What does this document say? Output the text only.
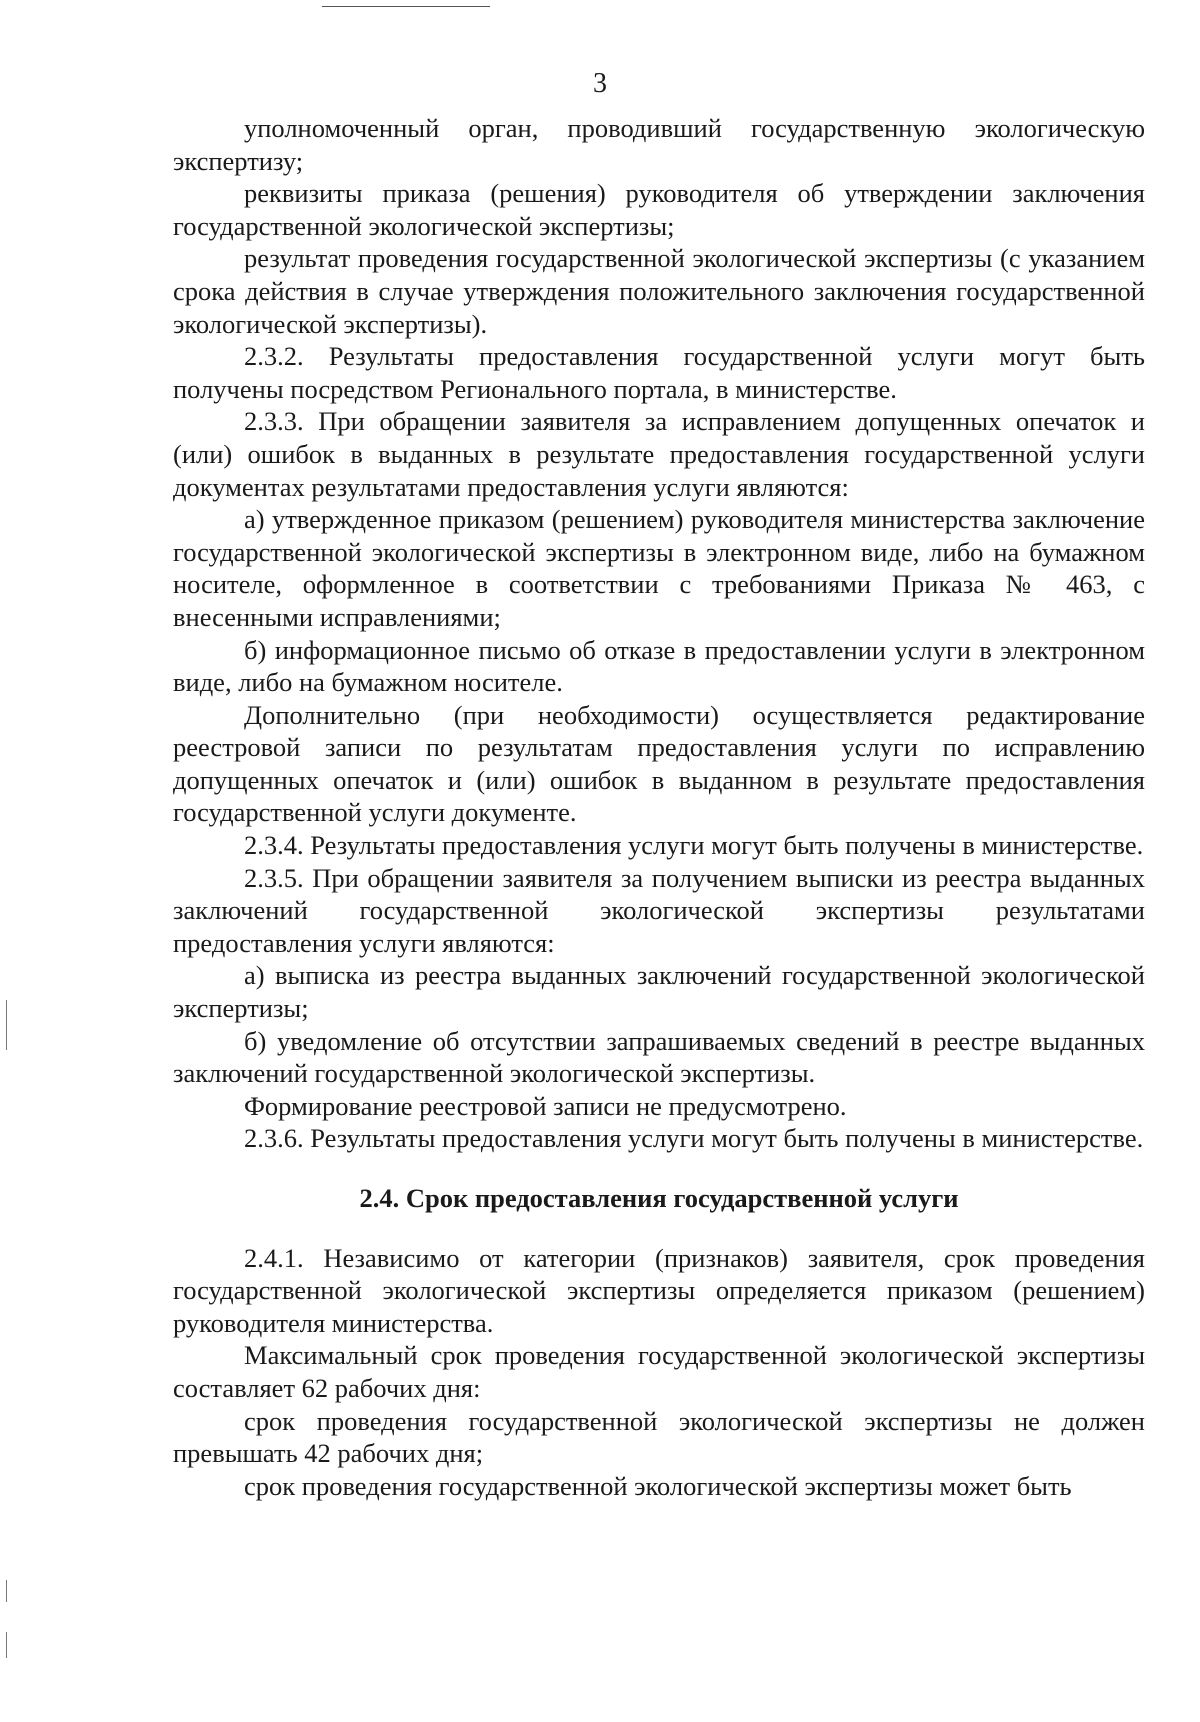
3

уполномоченный орган, проводивший государственную экологическую экспертизу;

реквизиты приказа (решения) руководителя об утверждении заключения государственной экологической экспертизы;

результат проведения государственной экологической экспертизы (с указанием срока действия в случае утверждения положительного заключения государственной экологической экспертизы).

2.3.2. Результаты предоставления государственной услуги могут быть получены посредством Регионального портала, в министерстве.

2.3.3. При обращении заявителя за исправлением допущенных опечаток и (или) ошибок в выданных в результате предоставления государственной услуги документах результатами предоставления услуги являются:

а) утвержденное приказом (решением) руководителя министерства заключение государственной экологической экспертизы в электронном виде, либо на бумажном носителе, оформленное в соответствии с требованиями Приказа № 463, с внесенными исправлениями;

б) информационное письмо об отказе в предоставлении услуги в электронном виде, либо на бумажном носителе.

Дополнительно (при необходимости) осуществляется редактирование реестровой записи по результатам предоставления услуги по исправлению допущенных опечаток и (или) ошибок в выданном в результате предоставления государственной услуги документе.

2.3.4. Результаты предоставления услуги могут быть получены в министерстве.

2.3.5. При обращении заявителя за получением выписки из реестра выданных заключений государственной экологической экспертизы результатами предоставления услуги являются:

а) выписка из реестра выданных заключений государственной экологической экспертизы;

б) уведомление об отсутствии запрашиваемых сведений в реестре выданных заключений государственной экологической экспертизы.

Формирование реестровой записи не предусмотрено.

2.3.6. Результаты предоставления услуги могут быть получены в министерстве.

2.4. Срок предоставления государственной услуги

2.4.1. Независимо от категории (признаков) заявителя, срок проведения государственной экологической экспертизы определяется приказом (решением) руководителя министерства.

Максимальный срок проведения государственной экологической экспертизы составляет 62 рабочих дня:

срок проведения государственной экологической экспертизы не должен превышать 42 рабочих дня;

срок проведения государственной экологической экспертизы может быть
